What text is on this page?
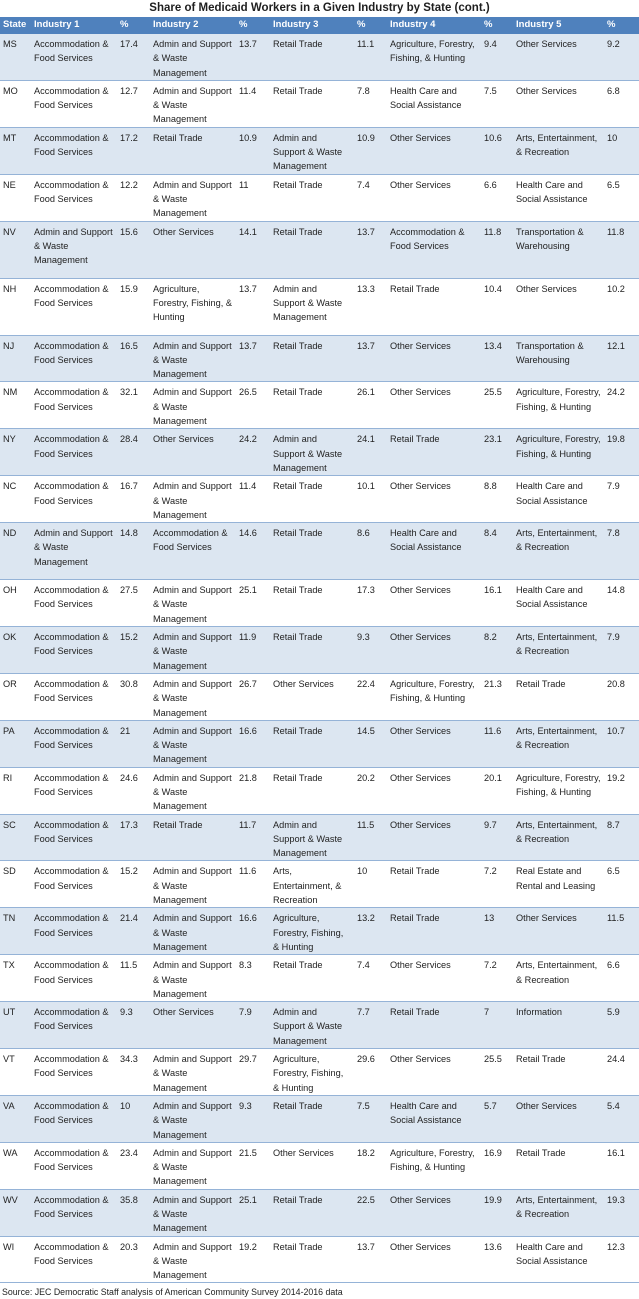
Share of Medicaid Workers in a Given Industry by State (cont.)
State	Industry 1	%	Industry 2	%	Industry 3	%	Industry 4	%	Industry 5	%
MS	Accommodation & Food Services	17.4	Admin and Support & Waste Management	13.7	Retail Trade	11.1	Agriculture, Forestry, Fishing, & Hunting	9.4	Other Services	9.2
MO	Accommodation & Food Services	12.7	Admin and Support & Waste Management	11.4	Retail Trade	7.8	Health Care and Social Assistance	7.5	Other Services	6.8
MT	Accommodation & Food Services	17.2	Retail Trade	10.9	Admin and Support & Waste Management	10.9	Other Services	10.6	Arts, Entertainment, & Recreation	10
NE	Accommodation & Food Services	12.2	Admin and Support & Waste Management	11	Retail Trade	7.4	Other Services	6.6	Health Care and Social Assistance	6.5
NV	Admin and Support & Waste Management	15.6	Other Services	14.1	Retail Trade	13.7	Accommodation & Food Services	11.8	Transportation & Warehousing	11.8
NH	Accommodation & Food Services	15.9	Agriculture, Forestry, Fishing, & Hunting	13.7	Admin and Support & Waste Management	13.3	Retail Trade	10.4	Other Services	10.2
NJ	Accommodation & Food Services	16.5	Admin and Support & Waste Management	13.7	Retail Trade	13.7	Other Services	13.4	Transportation & Warehousing	12.1
NM	Accommodation & Food Services	32.1	Admin and Support & Waste Management	26.5	Retail Trade	26.1	Other Services	25.5	Agriculture, Forestry, Fishing, & Hunting	24.2
NY	Accommodation & Food Services	28.4	Other Services	24.2	Admin and Support & Waste Management	24.1	Retail Trade	23.1	Agriculture, Forestry, Fishing, & Hunting	19.8
NC	Accommodation & Food Services	16.7	Admin and Support & Waste Management	11.4	Retail Trade	10.1	Other Services	8.8	Health Care and Social Assistance	7.9
ND	Admin and Support & Waste Management	14.8	Accommodation & Food Services	14.6	Retail Trade	8.6	Health Care and Social Assistance	8.4	Arts, Entertainment, & Recreation	7.8
OH	Accommodation & Food Services	27.5	Admin and Support & Waste Management	25.1	Retail Trade	17.3	Other Services	16.1	Health Care and Social Assistance	14.8
OK	Accommodation & Food Services	15.2	Admin and Support & Waste Management	11.9	Retail Trade	9.3	Other Services	8.2	Arts, Entertainment, & Recreation	7.9
OR	Accommodation & Food Services	30.8	Admin and Support & Waste Management	26.7	Other Services	22.4	Agriculture, Forestry, Fishing, & Hunting	21.3	Retail Trade	20.8
PA	Accommodation & Food Services	21	Admin and Support & Waste Management	16.6	Retail Trade	14.5	Other Services	11.6	Arts, Entertainment, & Recreation	10.7
RI	Accommodation & Food Services	24.6	Admin and Support & Waste Management	21.8	Retail Trade	20.2	Other Services	20.1	Agriculture, Forestry, Fishing, & Hunting	19.2
SC	Accommodation & Food Services	17.3	Retail Trade	11.7	Admin and Support & Waste Management	11.5	Other Services	9.7	Arts, Entertainment, & Recreation	8.7
SD	Accommodation & Food Services	15.2	Admin and Support & Waste Management	11.6	Arts, Entertainment, & Recreation	10	Retail Trade	7.2	Real Estate and Rental and Leasing	6.5
TN	Accommodation & Food Services	21.4	Admin and Support & Waste Management	16.6	Agriculture, Forestry, Fishing, & Hunting	13.2	Retail Trade	13	Other Services	11.5
TX	Accommodation & Food Services	11.5	Admin and Support & Waste Management	8.3	Retail Trade	7.4	Other Services	7.2	Arts, Entertainment, & Recreation	6.6
UT	Accommodation & Food Services	9.3	Other Services	7.9	Admin and Support & Waste Management	7.7	Retail Trade	7	Information	5.9
VT	Accommodation & Food Services	34.3	Admin and Support & Waste Management	29.7	Agriculture, Forestry, Fishing, & Hunting	29.6	Other Services	25.5	Retail Trade	24.4
VA	Accommodation & Food Services	10	Admin and Support & Waste Management	9.3	Retail Trade	7.5	Health Care and Social Assistance	5.7	Other Services	5.4
WA	Accommodation & Food Services	23.4	Admin and Support & Waste Management	21.5	Other Services	18.2	Agriculture, Forestry, Fishing, & Hunting	16.9	Retail Trade	16.1
WV	Accommodation & Food Services	35.8	Admin and Support & Waste Management	25.1	Retail Trade	22.5	Other Services	19.9	Arts, Entertainment, & Recreation	19.3
WI	Accommodation & Food Services	20.3	Admin and Support & Waste Management	19.2	Retail Trade	13.7	Other Services	13.6	Health Care and Social Assistance	12.3
Source: JEC Democratic Staff analysis of American Community Survey 2014-2016 data
